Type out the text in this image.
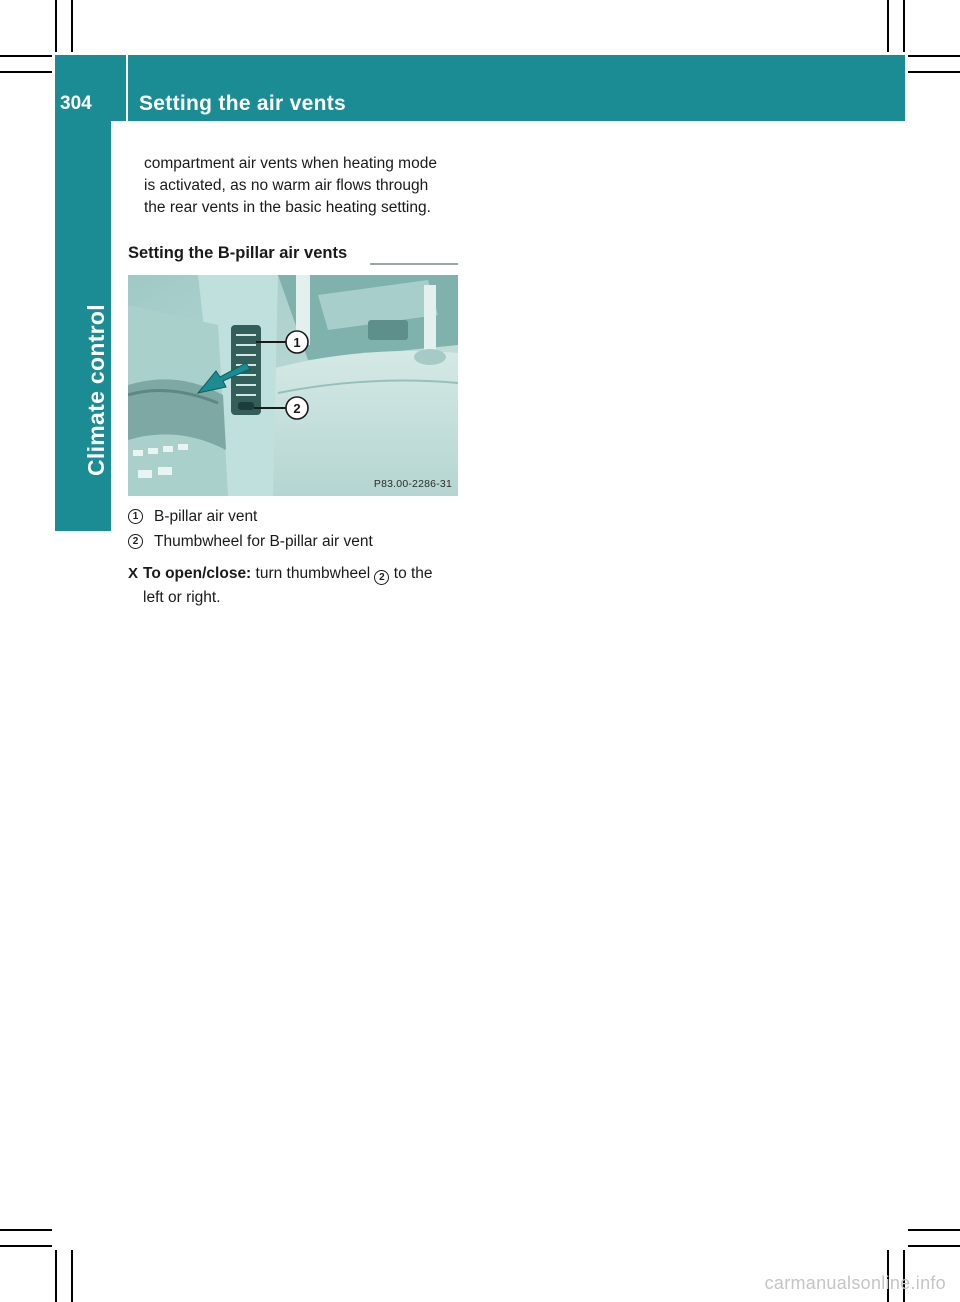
304	Setting the air vents
Climate control
compartment air vents when heating mode
is activated, as no warm air flows through
the rear vents in the basic heating setting.
Setting the B-pillar air vents
1
2
P83.00-2286-31
1	B-pillar air vent
2	Thumbwheel for B-pillar air vent
X To open/close: turn thumbwheel 2 to the
left or right.
carmanualsonline.info
